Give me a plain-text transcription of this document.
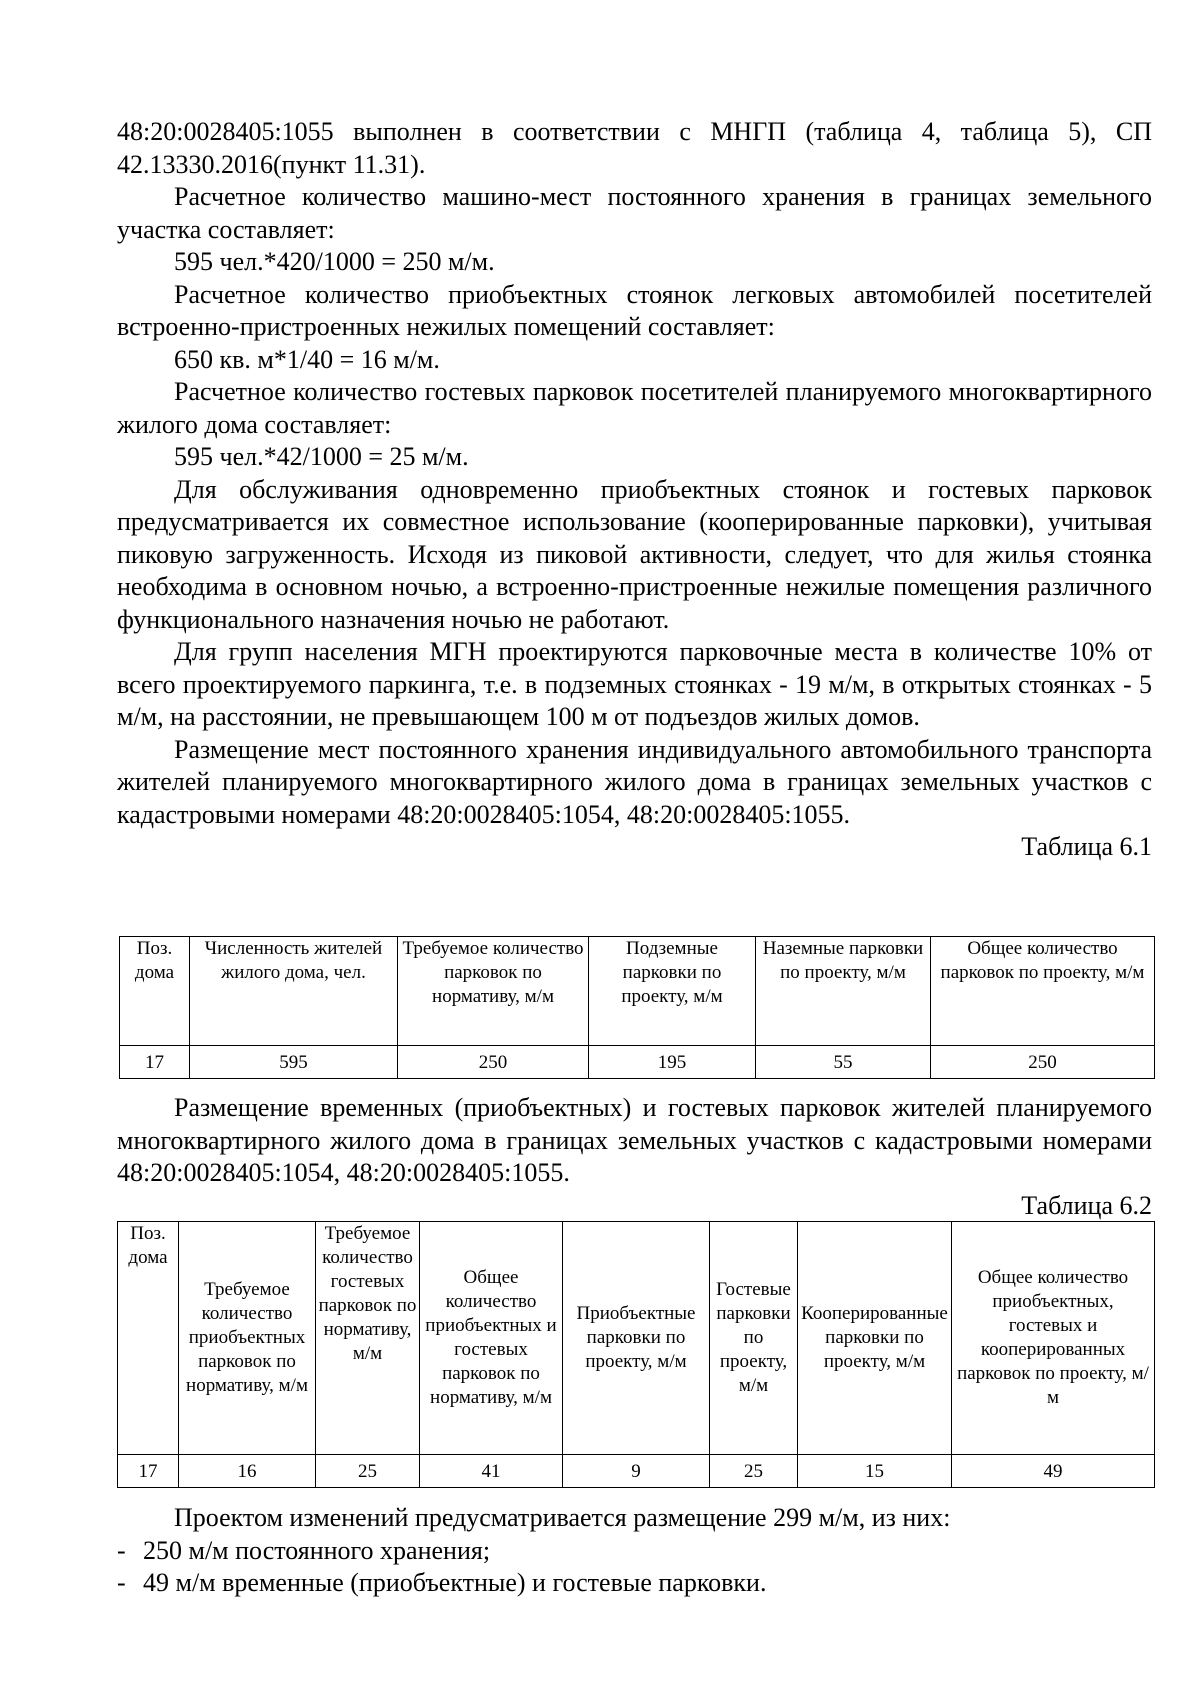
48:20:0028405:1055 выполнен в соответствии с МНГП (таблица 4, таблица 5), СП 42.13330.2016(пункт 11.31).

Расчетное количество машино-мест постоянного хранения в границах земельного участка составляет:

595 чел.*420/1000 = 250 м/м.

Расчетное количество приобъектных стоянок легковых автомобилей посетителей встроенно-пристроенных нежилых помещений составляет:

650 кв. м*1/40 = 16 м/м.

Расчетное количество гостевых парковок посетителей планируемого многоквартирного жилого дома составляет:

595 чел.*42/1000 = 25 м/м.

Для обслуживания одновременно приобъектных стоянок и гостевых парковок предусматривается их совместное использование (кооперированные парковки), учитывая пиковую загруженность. Исходя из пиковой активности, следует, что для жилья стоянка необходима в основном ночью, а встроенно-пристроенные нежилые помещения различного функционального назначения ночью не работают.

Для групп населения МГН проектируются парковочные места в количестве 10% от всего проектируемого паркинга, т.е. в подземных стоянках - 19 м/м, в открытых стоянках - 5 м/м, на расстоянии, не превышающем 100 м от подъездов жилых домов.

Размещение мест постоянного хранения индивидуального автомобильного транспорта жителей планируемого многоквартирного жилого дома в границах земельных участков с кадастровыми номерами 48:20:0028405:1054, 48:20:0028405:1055.

Таблица 6.1

Поз. дома	Численность жителей жилого дома, чел.	Требуемое количество парковок по нормативу, м/м	Подземные парковки по проекту, м/м	Наземные парковки по проекту, м/м	Общее количество парковок по проекту, м/м
17	595	250	195	55	250

Размещение временных (приобъектных) и гостевых парковок жителей планируемого многоквартирного жилого дома в границах земельных участков с кадастровыми номерами 48:20:0028405:1054, 48:20:0028405:1055.

Таблица 6.2

Поз. дома	Требуемое количество приобъектных парковок по нормативу, м/м	Требуемое количество гостевых парковок по нормативу, м/м	Общее количество приобъектных и гостевых парковок по нормативу, м/м	Приобъектные парковки по проекту, м/м	Гостевые парковки по проекту, м/м	Кооперированные парковки по проекту, м/м	Общее количество приобъектных, гостевых и кооперированных парковок по проекту, м/м
17	16	25	41	9	25	15	49

Проектом изменений предусматривается размещение 299 м/м, из них:

- 250 м/м постоянного хранения;

- 49 м/м временные (приобъектные) и гостевые парковки.
